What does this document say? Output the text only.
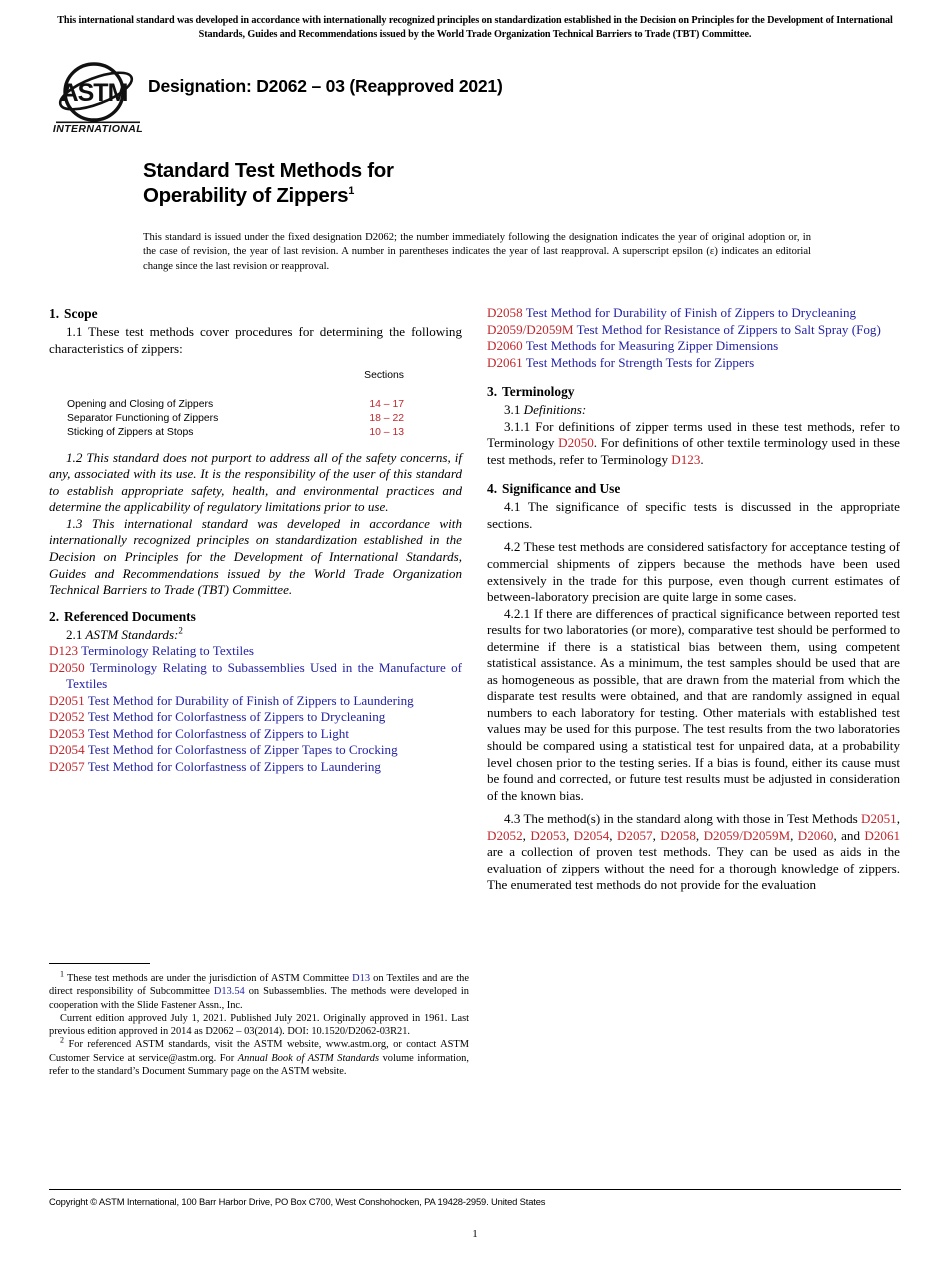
This international standard was developed in accordance with internationally recognized principles on standardization established in the Decision on Principles for the Development of International Standards, Guides and Recommendations issued by the World Trade Organization Technical Barriers to Trade (TBT) Committee.
ASTM
INTERNATIONAL
Designation: D2062 – 03 (Reapproved 2021)
Standard Test Methods for
Operability of Zippers$^1$
This standard is issued under the fixed designation D2062; the number immediately following the designation indicates the year of original adoption or, in the case of revision, the year of last revision. A number in parentheses indicates the year of last reapproval. A superscript epsilon (ε) indicates an editorial change since the last revision or reapproval.
1. Scope

1.1 These test methods cover procedures for determining the following characteristics of zippers:

	Sections
Opening and Closing of Zippers	14 – 17
Separator Functioning of Zippers	18 – 22
Sticking of Zippers at Stops	10 – 13

1.2 This standard does not purport to address all of the safety concerns, if any, associated with its use. It is the responsibility of the user of this standard to establish appropriate safety, health, and environmental practices and determine the applicability of regulatory limitations prior to use.

1.3 This international standard was developed in accordance with internationally recognized principles on standardization established in the Decision on Principles for the Development of International Standards, Guides and Recommendations issued by the World Trade Organization Technical Barriers to Trade (TBT) Committee.

2. Referenced Documents

2.1 ASTM Standards:$^2$

D123 Terminology Relating to Textiles

D2050 Terminology Relating to Subassemblies Used in the Manufacture of Textiles

D2051 Test Method for Durability of Finish of Zippers to Laundering

D2052 Test Method for Colorfastness of Zippers to Drycleaning

D2053 Test Method for Colorfastness of Zippers to Light

D2054 Test Method for Colorfastness of Zipper Tapes to Crocking

D2057 Test Method for Colorfastness of Zippers to Laundering

D2058 Test Method for Durability of Finish of Zippers to Drycleaning

D2059/D2059M Test Method for Resistance of Zippers to Salt Spray (Fog)

D2060 Test Methods for Measuring Zipper Dimensions

D2061 Test Methods for Strength Tests for Zippers

3. Terminology

3.1 Definitions:

3.1.1 For definitions of zipper terms used in these test methods, refer to Terminology D2050. For definitions of other textile terminology used in these test methods, refer to Terminology D123.

4. Significance and Use

4.1 The significance of specific tests is discussed in the appropriate sections.

4.2 These test methods are considered satisfactory for acceptance testing of commercial shipments of zippers because the methods have been used extensively in the trade for this purpose, even though current estimates of between-laboratory precision are quite large in some cases.

4.2.1 If there are differences of practical significance between reported test results for two laboratories (or more), comparative test should be performed to determine if there is a statistical bias between them, using competent statistical assistance. As a minimum, the test samples should be used that are as homogeneous as possible, that are drawn from the material from which the disparate test results were obtained, and that are randomly assigned in equal numbers to each laboratory for testing. Other materials with established test values may be used for this purpose. The test results from the two laboratories should be compared using a statistical test for unpaired data, at a probability level chosen prior to the testing series. If a bias is found, either its cause must be found and corrected, or future test results must be adjusted in consideration of the known bias.

4.3 The method(s) in the standard along with those in Test Methods D2051, D2052, D2053, D2054, D2057, D2058, D2059/D2059M, D2060, and D2061 are a collection of proven test methods. They can be used as aids in the evaluation of zippers without the need for a thorough knowledge of zippers. The enumerated test methods do not provide for the evaluation

$^1$ These test methods are under the jurisdiction of ASTM Committee D13 on Textiles and are the direct responsibility of Subcommittee D13.54 on Subassemblies. The methods were developed in cooperation with the Slide Fastener Assn., Inc.

Current edition approved July 1, 2021. Published July 2021. Originally approved in 1961. Last previous edition approved in 2014 as D2062 – 03(2014). DOI: 10.1520/D2062-03R21.

$^2$ For referenced ASTM standards, visit the ASTM website, www.astm.org, or contact ASTM Customer Service at service@astm.org. For Annual Book of ASTM Standards volume information, refer to the standard’s Document Summary page on the ASTM website.

Copyright © ASTM International, 100 Barr Harbor Drive, PO Box C700, West Conshohocken, PA 19428-2959. United States
1
